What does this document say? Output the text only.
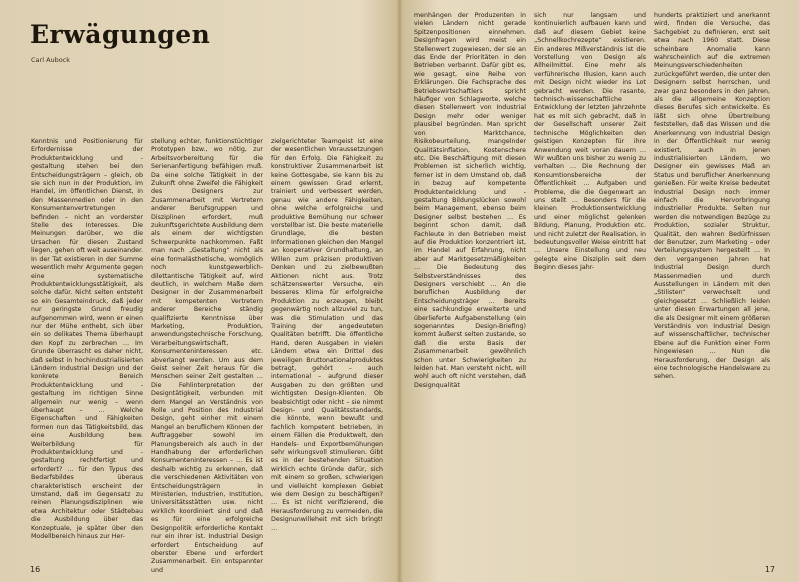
Erwägungen

Carl Aubock

Kenntnis und Positionierung für Erfordernisse der Produktentwicklung und -gestaltung stehen bei den Entscheidungsträgern – gleich, ob sie sich nun in der Produktion, im Handel, im öffentlichen Dienst, in den Massenmedien oder in den Konsumentenvertretungen befinden – nicht an vorderster Stelle des Interesses. Die Meinungen darüber, wo die Ursachen für diesen Zustand liegen, gehen oft weit auseinander. In der Tat existieren in der Summe wesentlich mehr Argumente gegen eine systematische Produktentwicklungsstätigkeit, als solche dafür. Nicht selten entsteht so ein Gesamteindruck, daß jeder nur geringste Grund freudig aufgenommen wird, wenn er einen nur der Mühe enthebt, sich über ein so delikates Thema überhaupt den Kopf zu zerbrechen … Im Grunde überrascht es daher nicht, daß selbst in hochindustrialisierten Ländern Industrial Design und der konkrete Bereich Produktentwicklung und -gestaltung im richtigen Sinne allgemein nur wenig – wenn überhaupt – … Welche Eigenschaften und Fähigkeiten formen nun das Tätigkeitsbild, das eine Ausbildung bew. Weiterbildung für Produktentwicklung und -gestaltung rechtfertigt und erfordert? … für den Typus des Bedarfsbildes überaus charakteristisch erscheint der Umstand, daß im Gegensatz zu reinen Planungsdisziplinen wie etwa Architektur oder Städtebau die Ausbildung über das Konzeptuale, je später über den Modellbereich hinaus zur Her-

stellung echter, funktionstüchtiger Prototypen bzw., wo nötig, zur Arbeitsvorbereitung für die Serienanfertigung befähigen muß. Da eine solche Tätigkeit in der Zukunft ohne Zweifel die Fähigkeit des Designers zur Zusammenarbeit mit Vertretern anderer Berufsgruppen und Disziplinen erfordert, muß zukunftsgerichtete Ausbildung dem als einem der wichtigsten Schwerpunkte nachkommen. Faßt man nach „Gestaltung“ nicht als eine formalästhetische, womöglich noch kunstgewerblich-dilettantische Tätigkeit auf, wird deutlich, in welchem Maße dem Designer in der Zusammenarbeit mit kompetenten Vertretern anderer Bereiche ständig qualifizierte Kenntnisse über Marketing, Produktion, anwendungstechnische Forschung, Verarbeitungswirtschaft, Konsumenteninteressen etc. abverlangt werden. Um aus dem Geist seiner Zeit heraus für die Menschen seiner Zeit gestalten … Die Fehlinterpretation der Designtätigkeit, verbunden mit dem Mangel an Verständnis von Rolle und Position des Industrial Design, geht einher mit einem Mangel an beruflichem Können der Auftraggeber sowohl im Planungsbereich als auch in der Handhabung der erforderlichen Konsumenteninteressen – … Es ist deshalb wichtig zu erkennen, daß die verschiedenen Aktivitäten von Entscheidungsträgern in Ministerien, Industrien, Institution, Universitätsstätten usw. nicht wirklich koordiniert sind und daß es für eine erfolgreiche Designpolitik erforderliche Kontakt nur ein ihrer ist. Industrial Design erfordert Entscheidung auf oberster Ebene und erfordert Zusammenarbeit. Ein entspannter und

zielgerichteter Teamgeist ist eine der wesentlichen Voraussetzungen für den Erfolg. Die Fähigkeit zu konstruktiver Zusammenarbeit ist keine Gottesgabe, sie kann bis zu einem gewissen Grad erlernt, trainiert und verbessert werden, genau wie andere Fähigkeiten, ohne welche erfolgreiche und produktive Bemühung nur schwer vorstellbar ist. Die beste materielle Grundlage, die besten Informationen gleichen den Mangel an kooperativer Grundhaltung, an Willen zum präzisen produktiven Denken und zu zielbewußten Aktionen nicht aus. Trotz schätzenswerter Versuche, ein besseres Klima für erfolgreiche Produktion zu erzeugen, bleibt gegenwärtig noch allzuviel zu tun, was die Stimulation und das Training der angedeuteten Qualitäten betrifft. Die öffentliche Hand, deren Ausgaben in vielen Ländern etwa ein Drittel des jeweiligen Bruttonationalproduktes betragt, gehört – auch international – aufgrund dieser Ausgaben zu den größten und wichtigsten Design-Klienten. Ob beabsichtigt oder nicht – sie nimmt Design- und Qualitätsstandards, die könnte, wenn bewußt und fachlich kompetent betrieben, in einem Fällen die Produktwelt, den Handels- und Exportbemühungen sehr wirkungsvoll stimulieren. Gibt es in der bestehenden Situation wirklich echte Gründe dafür, sich mit einem so großen, schwierigen und vielleicht komplexen Gebiet wie dem Design zu beschäftigen? … Es ist nicht verifizierend, die Herausforderung zu vermeiden, die Designunwilleheit mit sich bringt! …

16

menhängen der Produzenten in vielen Ländern nicht gerade Spitzenpositionen einnehmen. Designfragen wird meist ein Stellenwert zugewiesen, der sie an das Ende der Prioritäten in den Betrieben verbannt. Dafür gibt es, wie gesagt, eine Reihe von Erklärungen. Die Fachsprache des Betriebswirtschaftlers spricht häufiger von Schlagworte, welche diesen Stellenwert von Industrial Design mehr oder weniger plausibel begründen. Man spricht von Marktchance, Risikobeurteilung, mangelnder Qualitätsinflation, Kostenschere etc. Die Beschäftigung mit diesen Problemen ist sicherlich wichtig, ferner ist in dem Umstand ob, daß in bezug auf kompetente Produktentwicklung und -gestaltung Bildungslücken sowohl beim Management, ebenso beim Designer selbst bestehen … Es beginnt schon damit, daß Fachleute in den Betrieben meist auf die Produktion konzentriert ist, im Handel auf Erfahrung, nicht aber auf Marktgesetzmäßigkeiten … Die Bedeutung des Selbstverständnisses des Designers verschiebt … An die beruflichen Ausbildung der Entscheidungsträger … Bereits eine sachkundige erweiterte und überlieferte Aufgabenstellung (ein sogenanntes Design-Briefing) kommt äußerst selten zustande, so daß die erste Basis der Zusammenarbeit gewöhnlich schon unter Schwierigkeiten zu leiden hat. Man versteht nicht, will wohl auch oft nicht verstehen, daß Designqualität

sich nur langsam und kontinuierlich aufbauen kann und daß auf diesem Gebiet keine „Schnellkochrezepte“ existieren. Ein anderes Mißverständnis ist die Vorstellung von Design als Allheilmittel. Eine mehr als verführerische Illusion, kann auch mit Design nicht wieder ins Lot gebracht werden. Die rasante, technisch-wissenschaftliche Entwicklung der letzten Jahrzehnte hat es mit sich gebracht, daß in der Gesellschaft unserer Zeit technische Möglichkeiten den geistigen Konzepten für ihre Anwendung weit voran dauern … Wir wußten uns bisher zu wenig zu verhalten … Die Rechnung der Konsumtionsbereiche der Öffentlichkeit … Aufgaben und Probleme, die die Gegenwart an uns stellt … Besonders für die kleinen Produktionsentwicklung und einer möglichst gelenken Bildung, Planung, Produktion etc. und nicht zuletzt der Realisation, in bedeutungsvoller Weise eintritt hat … Unsere Einstellung und neu gelegte eine Disziplin seit dem Beginn dieses Jahr-

hunderts praktiziert und anerkannt wird, finden die Versuche, das Sachgebiet zu definieren, erst seit etwa nach 1960 statt. Diese scheinbare Anomalie kann wahrscheinlich auf die extremen Meinungsverschiedenheiten zurückgeführt werden, die unter den Designern selbst herrschen, und zwar ganz besonders in den Jahren, als die allgemeine Konzeption dieses Berufes sich entwickelte. Es läßt sich ohne Übertreibung feststellen, daß das Wissen und die Anerkennung von Industrial Design in der Öffentlichkeit nur wenig existiert, auch in jenen industrialisierten Ländern, wo Designer ein gewisses Maß an Status und beruflicher Anerkennung genießen. Für weite Kreise bedeutet Industrial Design noch immer einfach die Hervorbringung industrieller Produkte. Selten nur werden die notwendigen Bezüge zu Produktion, sozialer Struktur, Qualität, den wahren Bedürfnissen der Benutzer, zum Marketing – oder Verteilungssystem hergestellt … In den vergangenen Jahren hat Industrial Design durch Massenmedien und durch Ausstellungen in Ländern mit den „Stilisten“ verwechselt und gleichgesetzt … Schließlich leiden unter diesen Erwartungen all jene, die als Designer mit einem größeren Verständnis von Industrial Design auf wissenschaftlicher, technischer Ebene auf die Funktion einer Form hingewiesen … Nun die Herausforderung, der Design als eine technologische Handelsware zu sehen.

17
